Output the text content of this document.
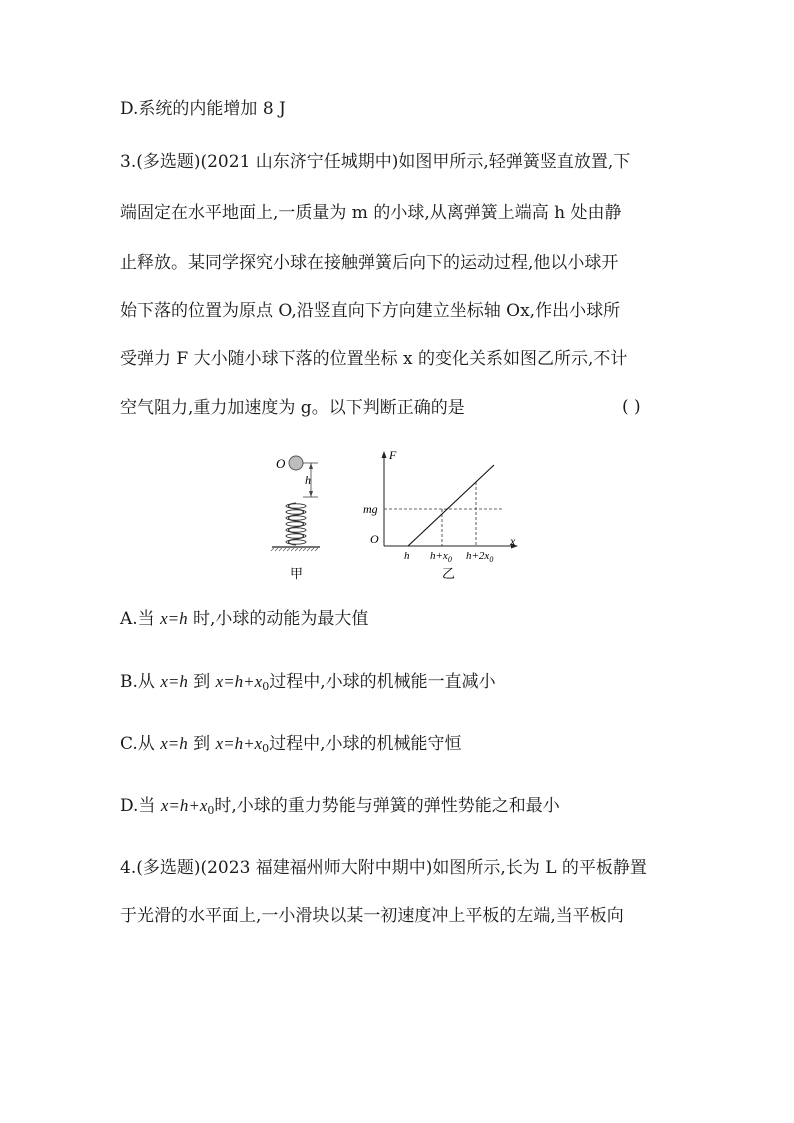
D.系统的内能增加 8 J
3.(多选题)(2021 山东济宁任城期中)如图甲所示,轻弹簧竖直放置,下
端固定在水平地面上,一质量为 m 的小球,从离弹簧上端高 h 处由静
止释放。某同学探究小球在接触弹簧后向下的运动过程,他以小球开
始下落的位置为原点 O,沿竖直向下方向建立坐标轴 Ox,作出小球所
受弹力 F 大小随小球下落的位置坐标 x 的变化关系如图乙所示,不计
空气阻力,重力加速度为 g。以下判断正确的是	( )
O
h
甲
F
x
O
mg
h $h+x_0$ $h+2x_0$
乙
A.当 x=h 时,小球的动能为最大值
B.从 x=h 到 $x=h+x_0$过程中,小球的机械能一直减小
C.从 x=h 到 $x=h+x_0$过程中,小球的机械能守恒
D.当 $x=h+x_0$时,小球的重力势能与弹簧的弹性势能之和最小
4.(多选题)(2023 福建福州师大附中期中)如图所示,长为 L 的平板静置
于光滑的水平面上,一小滑块以某一初速度冲上平板的左端,当平板向
